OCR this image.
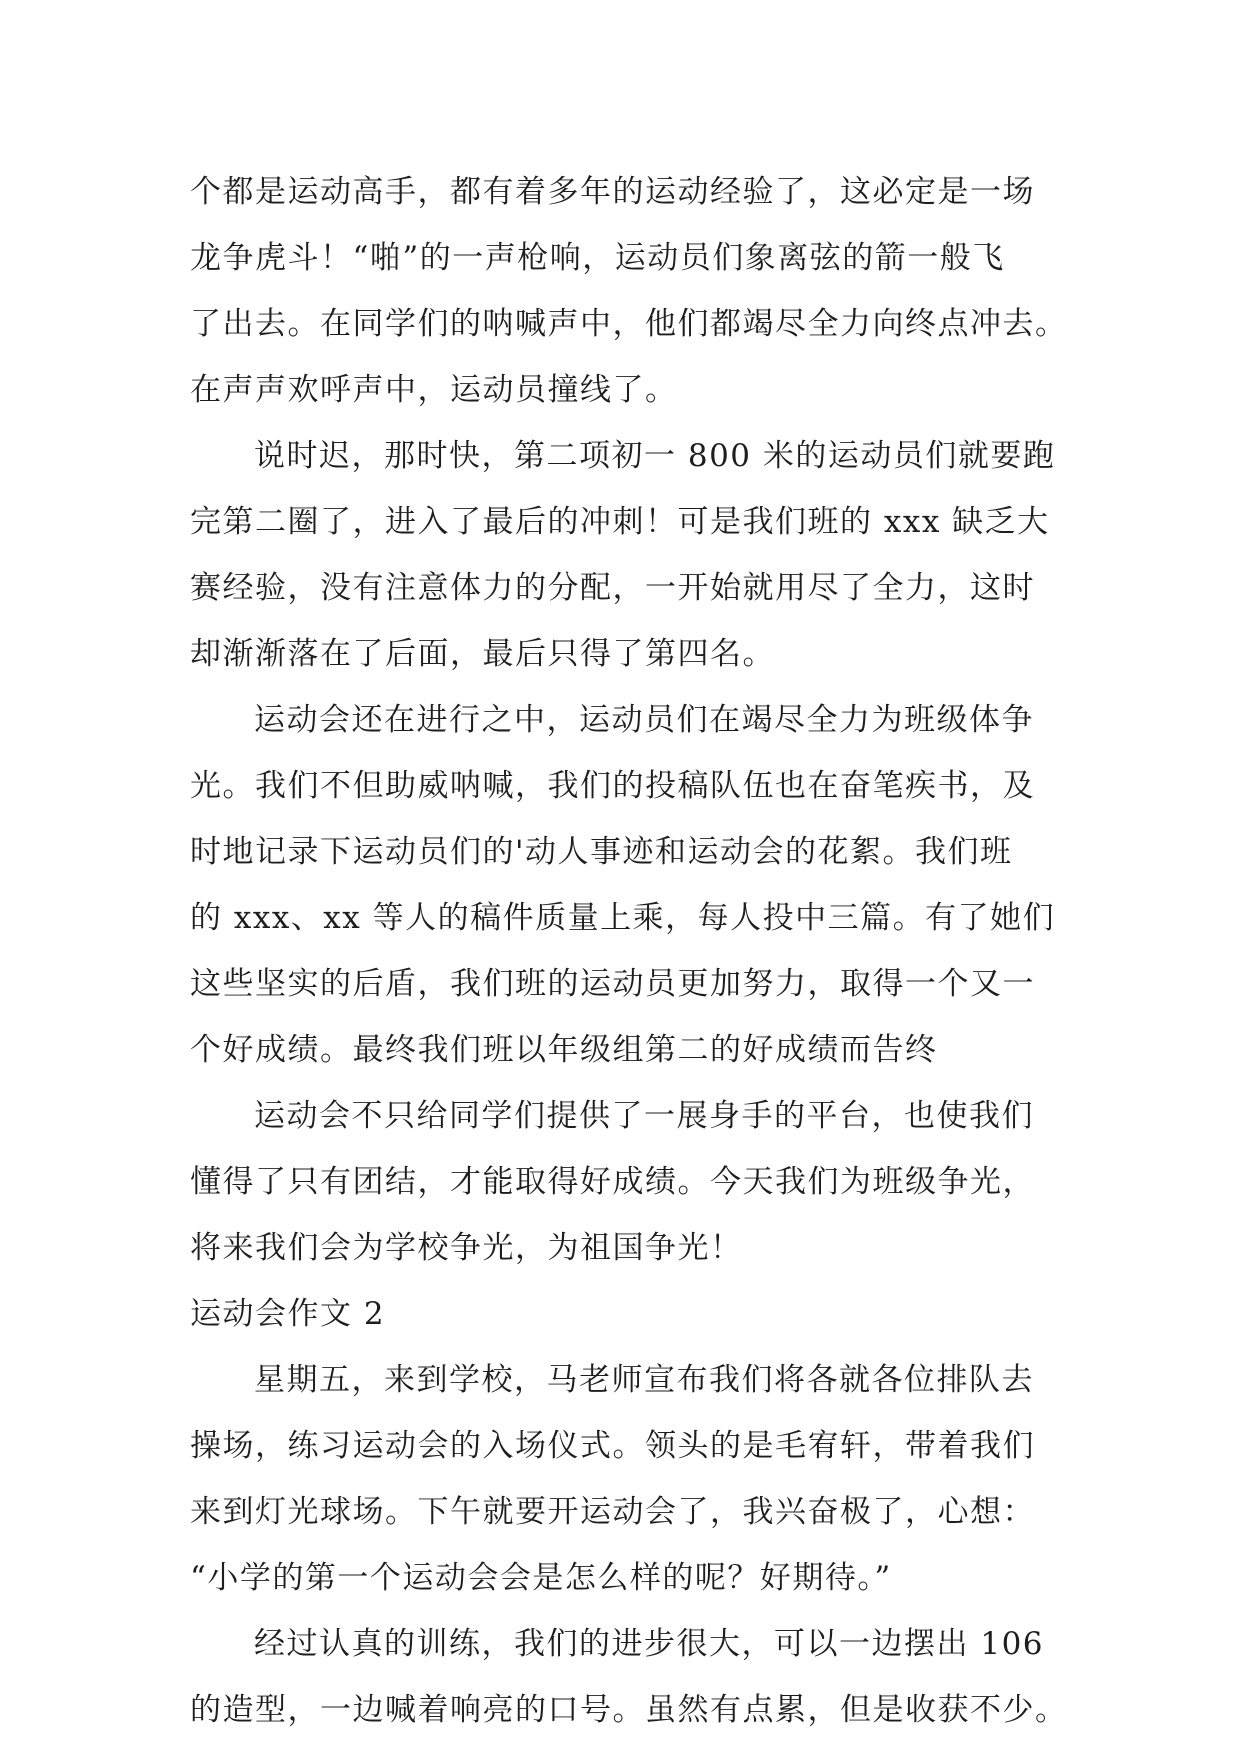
个都是运动高手，都有着多年的运动经验了，这必定是一场
龙争虎斗！“啪”的一声枪响，运动员们象离弦的箭一般飞
了出去。在同学们的呐喊声中，他们都竭尽全力向终点冲去。
在声声欢呼声中，运动员撞线了。
说时迟，那时快，第二项初一 800 米的运动员们就要跑
完第二圈了，进入了最后的冲刺！可是我们班的 xxx 缺乏大
赛经验，没有注意体力的分配，一开始就用尽了全力，这时
却渐渐落在了后面，最后只得了第四名。
运动会还在进行之中，运动员们在竭尽全力为班级体争
光。我们不但助威呐喊，我们的投稿队伍也在奋笔疾书，及
时地记录下运动员们的'动人事迹和运动会的花絮。我们班
的 xxx、xx 等人的稿件质量上乘，每人投中三篇。有了她们
这些坚实的后盾，我们班的运动员更加努力，取得一个又一
个好成绩。最终我们班以年级组第二的好成绩而告终
运动会不只给同学们提供了一展身手的平台，也使我们
懂得了只有团结，才能取得好成绩。今天我们为班级争光，
将来我们会为学校争光，为祖国争光！
运动会作文 2
星期五，来到学校，马老师宣布我们将各就各位排队去
操场，练习运动会的入场仪式。领头的是毛宥轩，带着我们
来到灯光球场。下午就要开运动会了，我兴奋极了，心想：
“小学的第一个运动会会是怎么样的呢？好期待。”
经过认真的训练，我们的进步很大，可以一边摆出 106
的造型，一边喊着响亮的口号。虽然有点累，但是收获不少。
